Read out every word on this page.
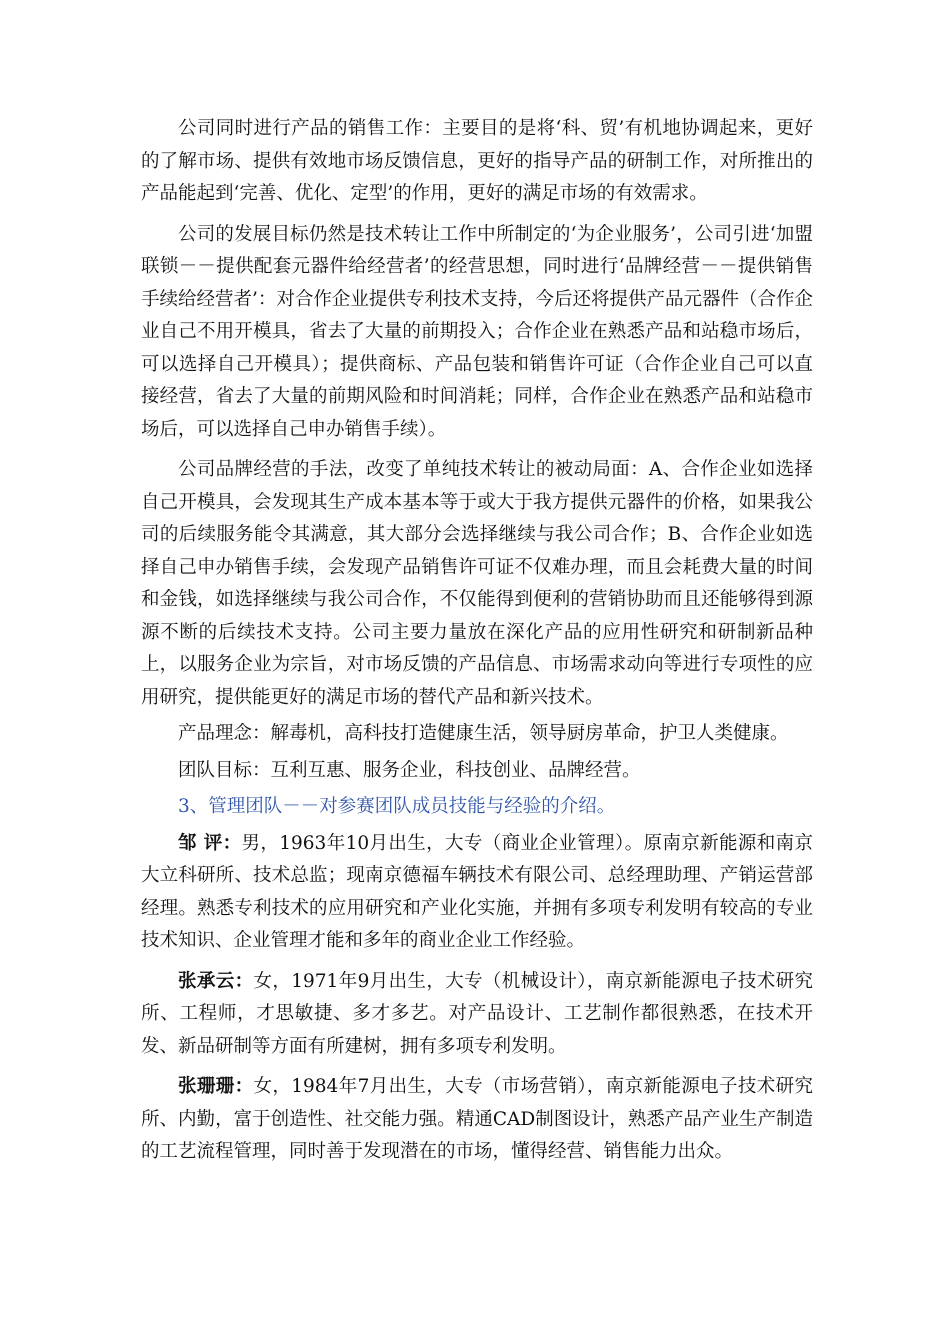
公司同时进行产品的销售工作：主要目的是将‘科、贸’有机地协调起来，更好的了解市场、提供有效地市场反馈信息，更好的指导产品的研制工作，对所推出的产品能起到‘完善、优化、定型’的作用，更好的满足市场的有效需求。

公司的发展目标仍然是技术转让工作中所制定的‘为企业服务’，公司引进‘加盟联锁－－提供配套元器件给经营者’的经营思想，同时进行‘品牌经营－－提供销售手续给经营者’：对合作企业提供专利技术支持，今后还将提供产品元器件（合作企业自己不用开模具，省去了大量的前期投入；合作企业在熟悉产品和站稳市场后，可以选择自己开模具）；提供商标、产品包装和销售许可证（合作企业自己可以直接经营，省去了大量的前期风险和时间消耗；同样，合作企业在熟悉产品和站稳市场后，可以选择自己申办销售手续）。

公司品牌经营的手法，改变了单纯技术转让的被动局面：A、合作企业如选择自己开模具，会发现其生产成本基本等于或大于我方提供元器件的价格，如果我公司的后续服务能令其满意，其大部分会选择继续与我公司合作；B、合作企业如选择自己申办销售手续，会发现产品销售许可证不仅难办理，而且会耗费大量的时间和金钱，如选择继续与我公司合作，不仅能得到便利的营销协助而且还能够得到源源不断的后续技术支持。公司主要力量放在深化产品的应用性研究和研制新品种上，以服务企业为宗旨，对市场反馈的产品信息、市场需求动向等进行专项性的应用研究，提供能更好的满足市场的替代产品和新兴技术。

产品理念：解毒机，高科技打造健康生活，领导厨房革命，护卫人类健康。

团队目标：互利互惠、服务企业，科技创业、品牌经营。

3、管理团队－－对参赛团队成员技能与经验的介绍。

邹 评：男，1963年10月出生，大专（商业企业管理）。原南京新能源和南京大立科研所、技术总监；现南京德福车辆技术有限公司、总经理助理、产销运营部经理。熟悉专利技术的应用研究和产业化实施，并拥有多项专利发明有较高的专业技术知识、企业管理才能和多年的商业企业工作经验。

张承云：女，1971年9月出生，大专（机械设计），南京新能源电子技术研究所、工程师，才思敏捷、多才多艺。对产品设计、工艺制作都很熟悉，在技术开发、新品研制等方面有所建树，拥有多项专利发明。

张珊珊：女，1984年7月出生，大专（市场营销），南京新能源电子技术研究所、内勤，富于创造性、社交能力强。精通CAD制图设计，熟悉产品产业生产制造的工艺流程管理，同时善于发现潜在的市场，懂得经营、销售能力出众。
